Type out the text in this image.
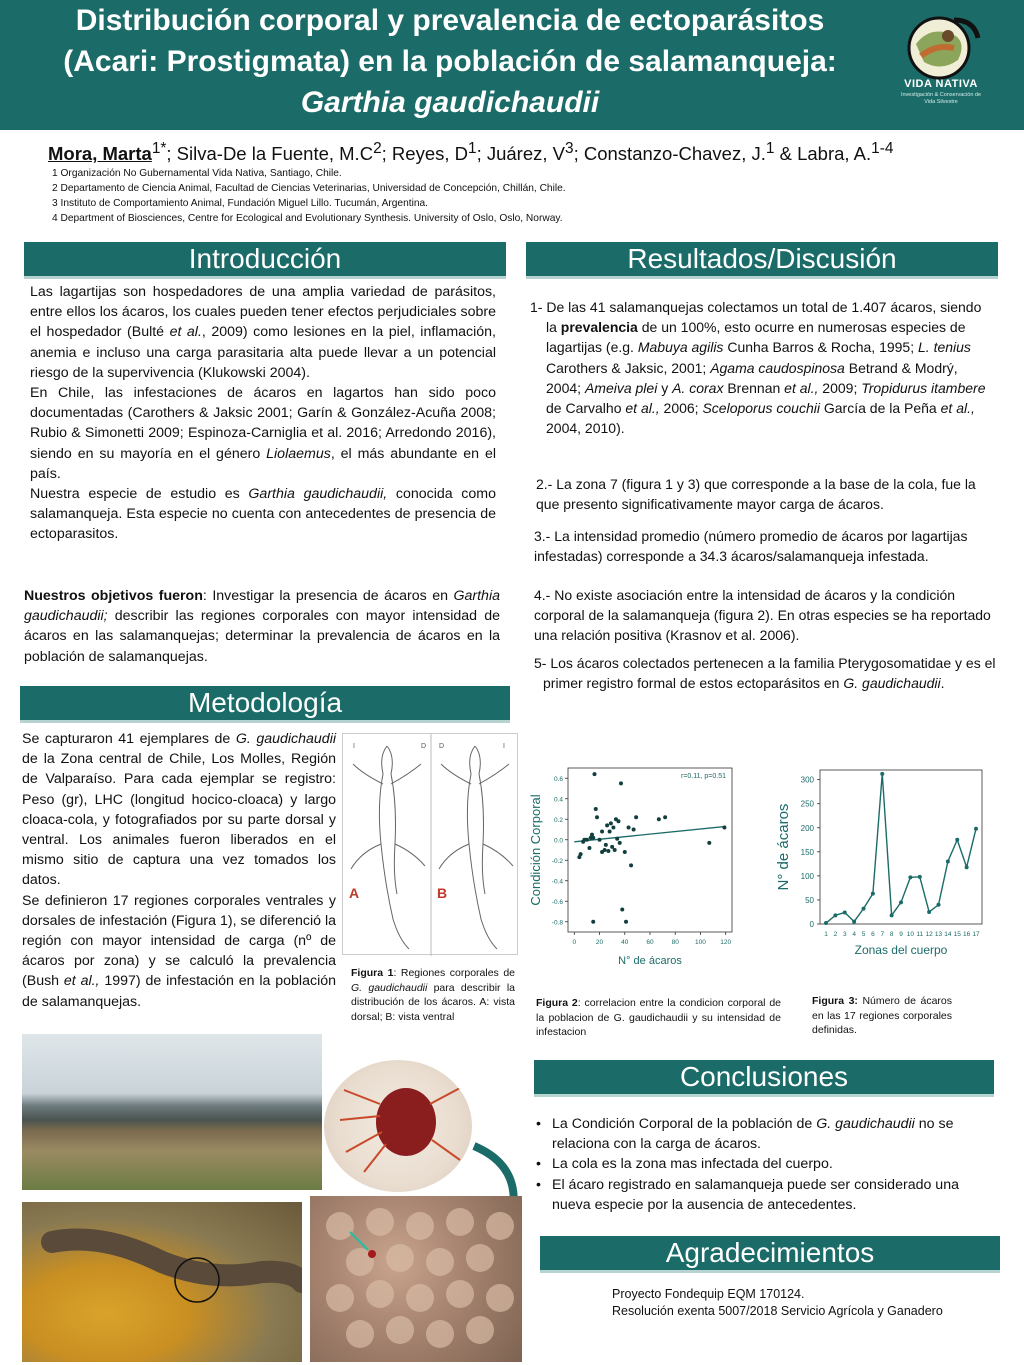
Distribución corporal y prevalencia de ectoparásitos
(Acari: Prostigmata) en la población de salamanqueja:
Garthia gaudichaudii
VIDA NATIVA
Investigación & Conservación de Vida Silvestre
Mora, Marta$^{1*}$; Silva-De la Fuente, $M.C^2$; Reyes, $D^1$; Juárez, $V^3$; Constanzo-Chavez, J.$^1$ & Labra, A.$^{1-4}$
1 Organización No Gubernamental Vida Nativa, Santiago, Chile.
2 Departamento de Ciencia Animal, Facultad de Ciencias Veterinarias, Universidad de Concepción, Chillán, Chile.
3 Instituto de Comportamiento Animal, Fundación Miguel Lillo. Tucumán, Argentina.
4 Department of Biosciences, Centre for Ecological and Evolutionary Synthesis. University of Oslo, Oslo, Norway.
Introducción
Las lagartijas son hospedadores de una amplia variedad de parásitos, entre ellos los ácaros, los cuales pueden tener efectos perjudiciales sobre el hospedador (Bulté et al., 2009) como lesiones en la piel, inflamación, anemia e incluso una carga parasitaria alta puede llevar a un potencial riesgo de la supervivencia (Klukowski 2004).
En Chile, las infestaciones de ácaros en lagartos han sido poco documentadas (Carothers & Jaksic 2001; Garín & González-Acuña 2008; Rubio & Simonetti 2009; Espinoza-Carniglia et al. 2016; Arredondo 2016), siendo en su mayoría en el género Liolaemus, el más abundante en el país.
Nuestra especie de estudio es Garthia gaudichaudii, conocida como salamanqueja. Esta especie no cuenta con antecedentes de presencia de ectoparasitos.
Nuestros objetivos fueron: Investigar la presencia de ácaros en Garthia gaudichaudii; describir las regiones corporales con mayor intensidad de ácaros en las salamanquejas; determinar la prevalencia de ácaros en la población de salamanquejas.
Metodología
Se capturaron 41 ejemplares de G. gaudichaudii de la Zona central de Chile, Los Molles, Región de Valparaíso. Para cada ejemplar se registro: Peso (gr), LHC (longitud hocico-cloaca) y largo cloaca-cola, y fotografiados por su parte dorsal y ventral. Los animales fueron liberados en el mismo sitio de captura una vez tomados los datos.
Se definieron 17 regiones corporales ventrales y dorsales de infestación (Figura 1), se diferenció la región con mayor intensidad de carga (nº de ácaros por zona) y se calculó la prevalencia (Bush et al., 1997) de infestación en la población de salamanquejas.
I	D D	I
A	B
Figura 1: Regiones corporales de G. gaudichaudii para describir la distribución de los ácaros. A: vista dorsal; B: vista ventral
Resultados/Discusión
1- De las 41 salamanquejas colectamos un total de 1.407 ácaros, siendo la prevalencia de un 100%, esto ocurre en numerosas especies de lagartijas (e.g. Mabuya agilis Cunha Barros & Rocha, 1995; L. tenius Carothers & Jaksic, 2001; Agama caudospinosa Betrand & Modrý, 2004; Ameiva plei y A. corax Brennan et al., 2009; Tropidurus itambere de Carvalho et al., 2006; Sceloporus couchii García de la Peña et al., 2004, 2010).
2.- La zona 7 (figura 1 y 3) que corresponde a la base de la cola, fue la que presento significativamente mayor carga de ácaros.
3.- La intensidad promedio (número promedio de ácaros por lagartijas infestadas) corresponde a 34.3 ácaros/salamanqueja infestada.
4.- No existe asociación entre la intensidad de ácaros y la condición corporal de la salamanqueja (figura 2). En otras especies se ha reportado una relación positiva (Krasnov et al. 2006).
5- Los ácaros colectados pertenecen a la familia Pterygosomatidae y es el primer registro formal de estos ectoparásitos en G. gaudichaudii.
-0.8
-0.6
-0.4
-0.2
0.0
0.2
0.4
0.6
0	20	40	60	80 100 120
r=0.11, p=0.51
N° de ácaros
Condición Corporal
Figura 2: correlacion entre la condicion corporal de la poblacion de G. gaudichaudii y su intensidad de infestacion
0
50
100
150
200
250
300
1 2 3 4 5 6 7 8 9 10 11 12 13 14 15 16 17
Zonas del cuerpo
N° de ácaros
Figura 3: Número de ácaros en las 17 regiones corporales definidas.
Conclusiones
• La Condición Corporal de la población de G. gaudichaudii no se relaciona con la carga de ácaros.
• La cola es la zona mas infectada del cuerpo.
• El ácaro registrado en salamanqueja puede ser considerado una nueva especie por la ausencia de antecedentes.
Agradecimientos
Proyecto Fondequip EQM 170124.
Resolución exenta 5007/2018 Servicio Agrícola y Ganadero
